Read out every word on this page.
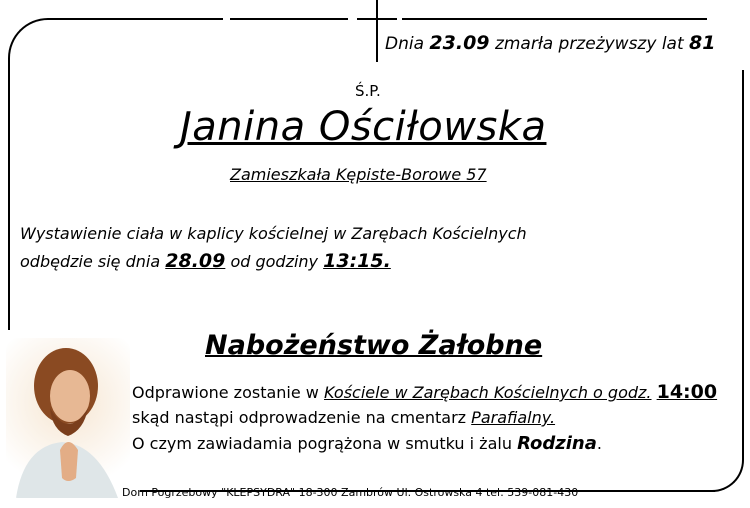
Dnia 23.09 zmarła przeżywszy lat 81
Ś.P.
Janina Ościłowska
Zamieszkała Kępiste-Borowe 57
Wystawienie ciała w kaplicy kościelnej w Zarębach Kościelnych
odbędzie się dnia 28.09 od godziny 13:15.
Nabożeństwo Żałobne
Odprawione zostanie w Kościele w Zarębach Kościelnych o godz. 14:00
skąd nastąpi odprowadzenie na cmentarz Parafialny.
O czym zawiadamia pogrążona w smutku i żalu Rodzina.
Dom Pogrzebowy "KLEPSYDRA" 18-300 Zambrów Ul. Ostrowska 4 tel: 539-081-430
